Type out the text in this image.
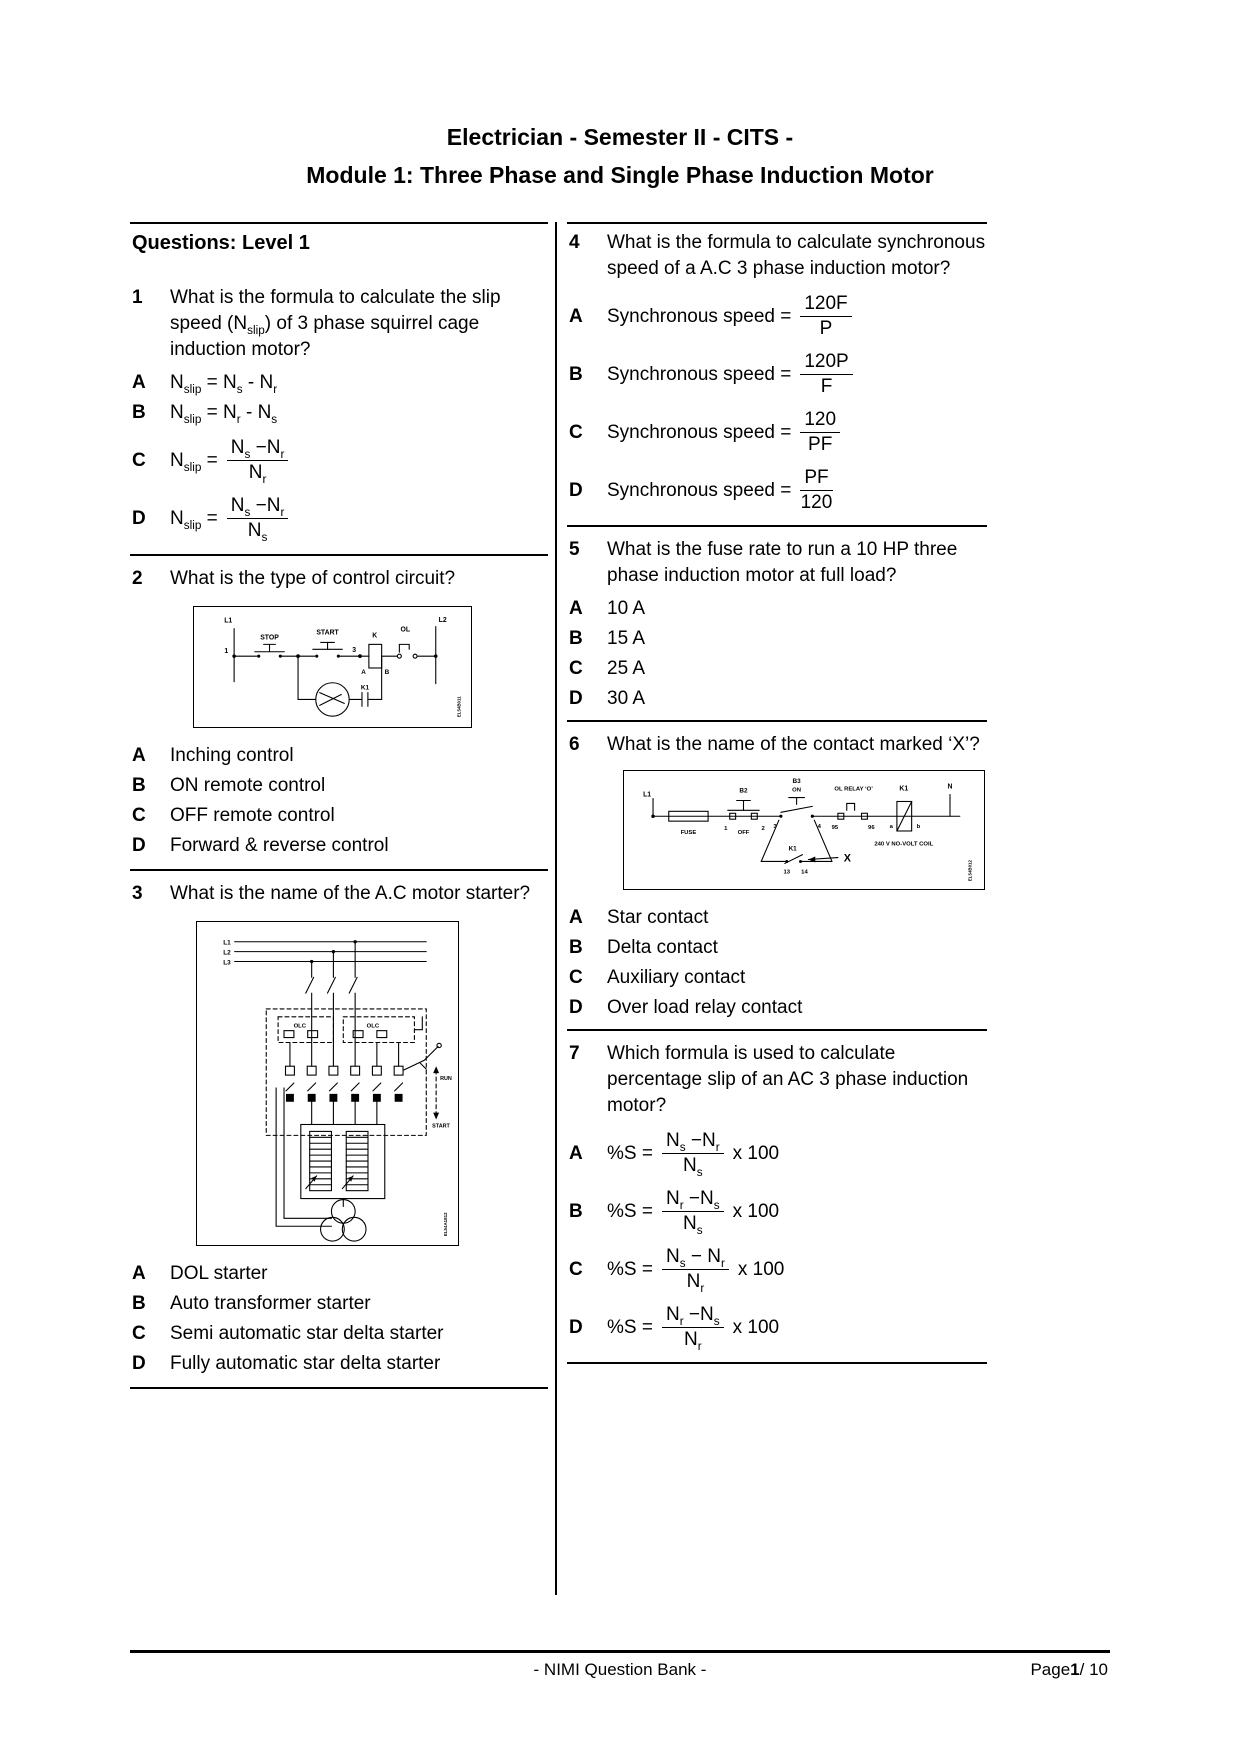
Electrician - Semester II - CITS -
Module 1: Three Phase and Single Phase Induction Motor
Questions: Level 1
1	What is the formula to calculate the slip speed $(N_{slip})$ of 3 phase squirrel cage induction motor?
A	$N_{slip} = N_s - N_r$
B	$N_{slip} = N_r - N_s$
C	$N_{slip} = \frac{N_s -N_r}{N_r}$
D	$N_{slip} = \frac{N_s -N_r}{N_s}$
2	What is the type of control circuit?
L1
1
STOP
START
3
K
A	B
OL
L2
K1
EL54B011
A	Inching control
B	ON remote control
C	OFF remote control
D	Forward & reverse control
3	What is the name of the A.C motor starter?
L1
L2
L3
OLC	OLC
RUN
START
EL54A1812
A	DOL starter
B	Auto transformer starter
C	Semi automatic star delta starter
D	Fully automatic star delta starter
4	What is the formula to calculate synchronous speed of a A.C 3 phase induction motor?
A	Synchronous speed = $\frac{120F}{P}$
B	Synchronous speed = $\frac{120P}{F}$
C	Synchronous speed = $\frac{120}{PF}$
D	Synchronous speed = $\frac{PF}{120}$
5	What is the fuse rate to run a 10 HP three phase induction motor at full load?
A	10 A
B	15 A
C	25 A
D	30 A
6	What is the name of the contact marked ‘X’?
L1
FUSE
B2
OFF
1	2
B3
ON
3	4
OL RELAY ‘O’
95	96
K1
a	b
240 V NO-VOLT COIL
N
K1
13 14
X
EL54B012
A	Star contact
B	Delta contact
C	Auxiliary contact
D	Over load relay contact
7	Which formula is used to calculate percentage slip of an AC 3 phase induction motor?
A	$\%S = \frac{N_s -N_r}{N_s}$ x 100
B	$\%S = \frac{N_r -N_s}{N_s}$ x 100
C	$\%S = \frac{N_s - N_r}{N_r}$ x 100
D	$\%S = \frac{N_r -N_s}{N_r}$ x 100
- NIMI Question Bank -	Page1/ 10
